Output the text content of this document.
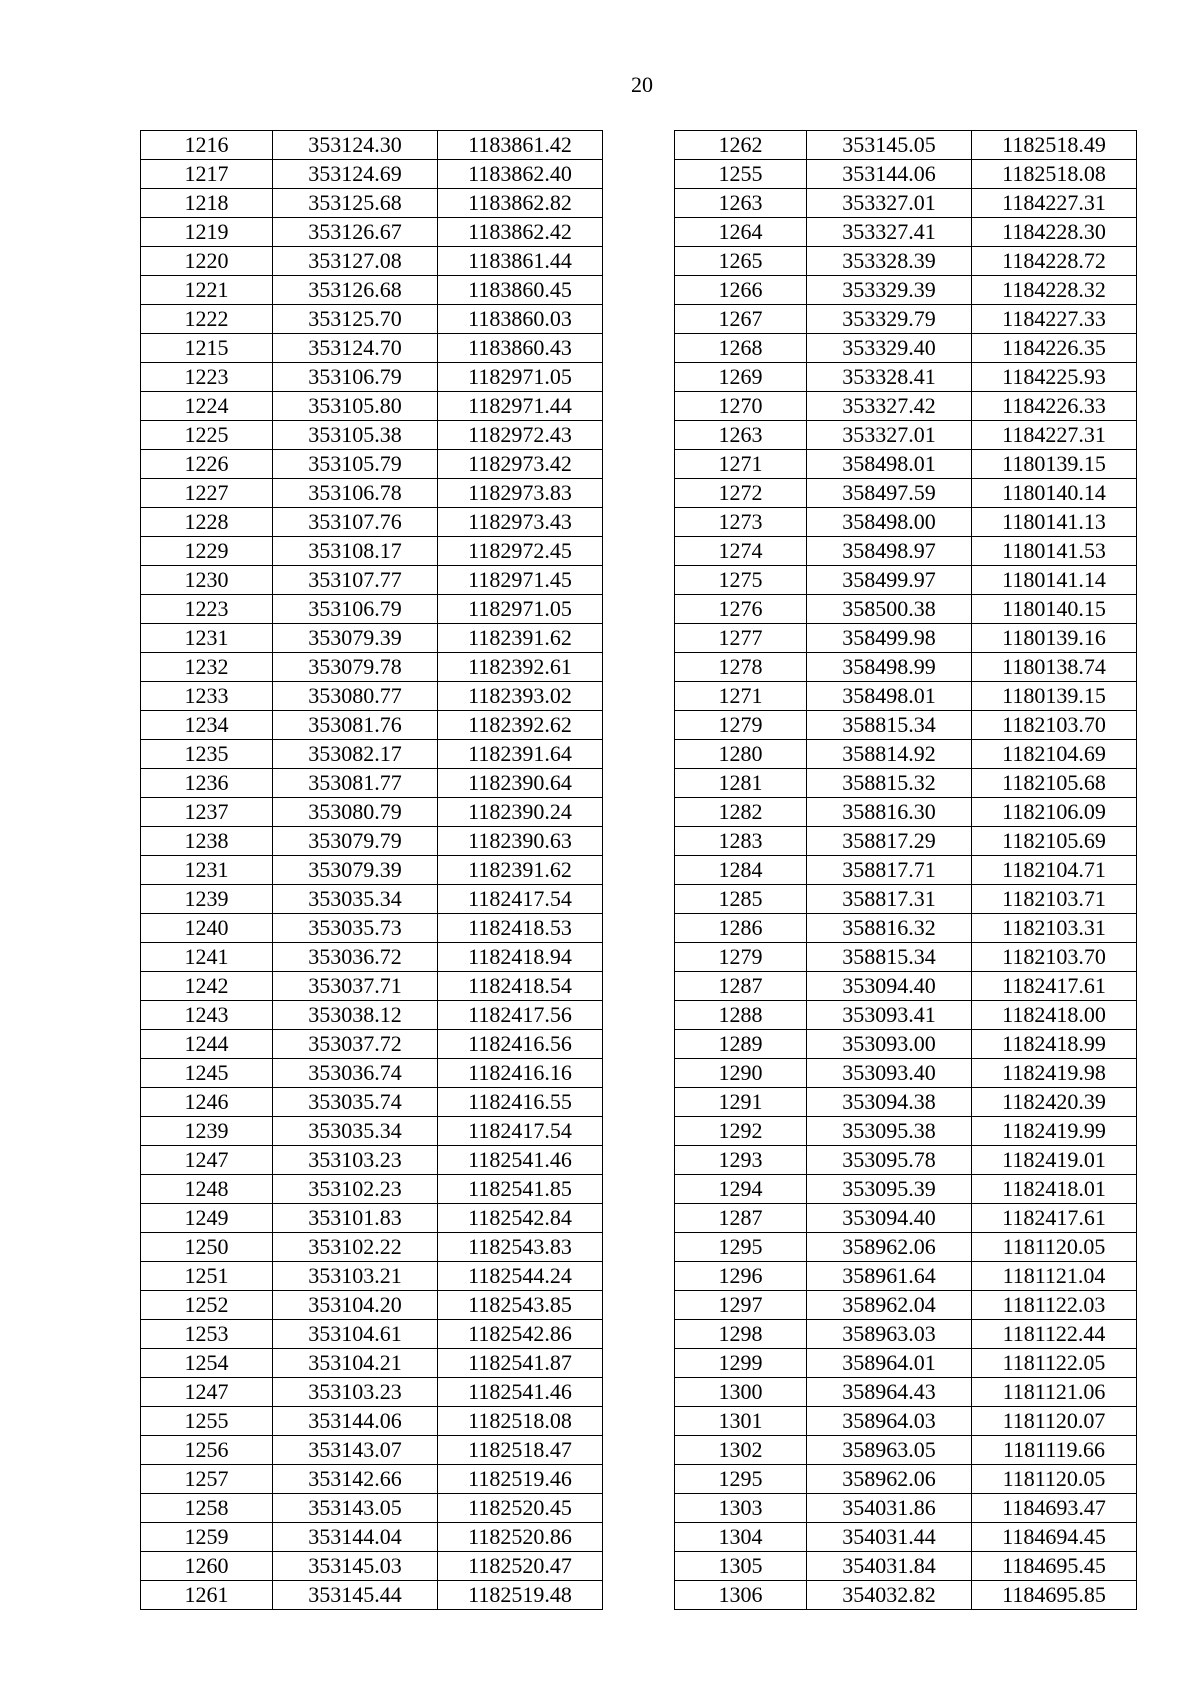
20
1216	353124.30	1183861.42
1217	353124.69	1183862.40
1218	353125.68	1183862.82
1219	353126.67	1183862.42
1220	353127.08	1183861.44
1221	353126.68	1183860.45
1222	353125.70	1183860.03
1215	353124.70	1183860.43
1223	353106.79	1182971.05
1224	353105.80	1182971.44
1225	353105.38	1182972.43
1226	353105.79	1182973.42
1227	353106.78	1182973.83
1228	353107.76	1182973.43
1229	353108.17	1182972.45
1230	353107.77	1182971.45
1223	353106.79	1182971.05
1231	353079.39	1182391.62
1232	353079.78	1182392.61
1233	353080.77	1182393.02
1234	353081.76	1182392.62
1235	353082.17	1182391.64
1236	353081.77	1182390.64
1237	353080.79	1182390.24
1238	353079.79	1182390.63
1231	353079.39	1182391.62
1239	353035.34	1182417.54
1240	353035.73	1182418.53
1241	353036.72	1182418.94
1242	353037.71	1182418.54
1243	353038.12	1182417.56
1244	353037.72	1182416.56
1245	353036.74	1182416.16
1246	353035.74	1182416.55
1239	353035.34	1182417.54
1247	353103.23	1182541.46
1248	353102.23	1182541.85
1249	353101.83	1182542.84
1250	353102.22	1182543.83
1251	353103.21	1182544.24
1252	353104.20	1182543.85
1253	353104.61	1182542.86
1254	353104.21	1182541.87
1247	353103.23	1182541.46
1255	353144.06	1182518.08
1256	353143.07	1182518.47
1257	353142.66	1182519.46
1258	353143.05	1182520.45
1259	353144.04	1182520.86
1260	353145.03	1182520.47
1261	353145.44	1182519.48
1262	353145.05	1182518.49
1255	353144.06	1182518.08
1263	353327.01	1184227.31
1264	353327.41	1184228.30
1265	353328.39	1184228.72
1266	353329.39	1184228.32
1267	353329.79	1184227.33
1268	353329.40	1184226.35
1269	353328.41	1184225.93
1270	353327.42	1184226.33
1263	353327.01	1184227.31
1271	358498.01	1180139.15
1272	358497.59	1180140.14
1273	358498.00	1180141.13
1274	358498.97	1180141.53
1275	358499.97	1180141.14
1276	358500.38	1180140.15
1277	358499.98	1180139.16
1278	358498.99	1180138.74
1271	358498.01	1180139.15
1279	358815.34	1182103.70
1280	358814.92	1182104.69
1281	358815.32	1182105.68
1282	358816.30	1182106.09
1283	358817.29	1182105.69
1284	358817.71	1182104.71
1285	358817.31	1182103.71
1286	358816.32	1182103.31
1279	358815.34	1182103.70
1287	353094.40	1182417.61
1288	353093.41	1182418.00
1289	353093.00	1182418.99
1290	353093.40	1182419.98
1291	353094.38	1182420.39
1292	353095.38	1182419.99
1293	353095.78	1182419.01
1294	353095.39	1182418.01
1287	353094.40	1182417.61
1295	358962.06	1181120.05
1296	358961.64	1181121.04
1297	358962.04	1181122.03
1298	358963.03	1181122.44
1299	358964.01	1181122.05
1300	358964.43	1181121.06
1301	358964.03	1181120.07
1302	358963.05	1181119.66
1295	358962.06	1181120.05
1303	354031.86	1184693.47
1304	354031.44	1184694.45
1305	354031.84	1184695.45
1306	354032.82	1184695.85
